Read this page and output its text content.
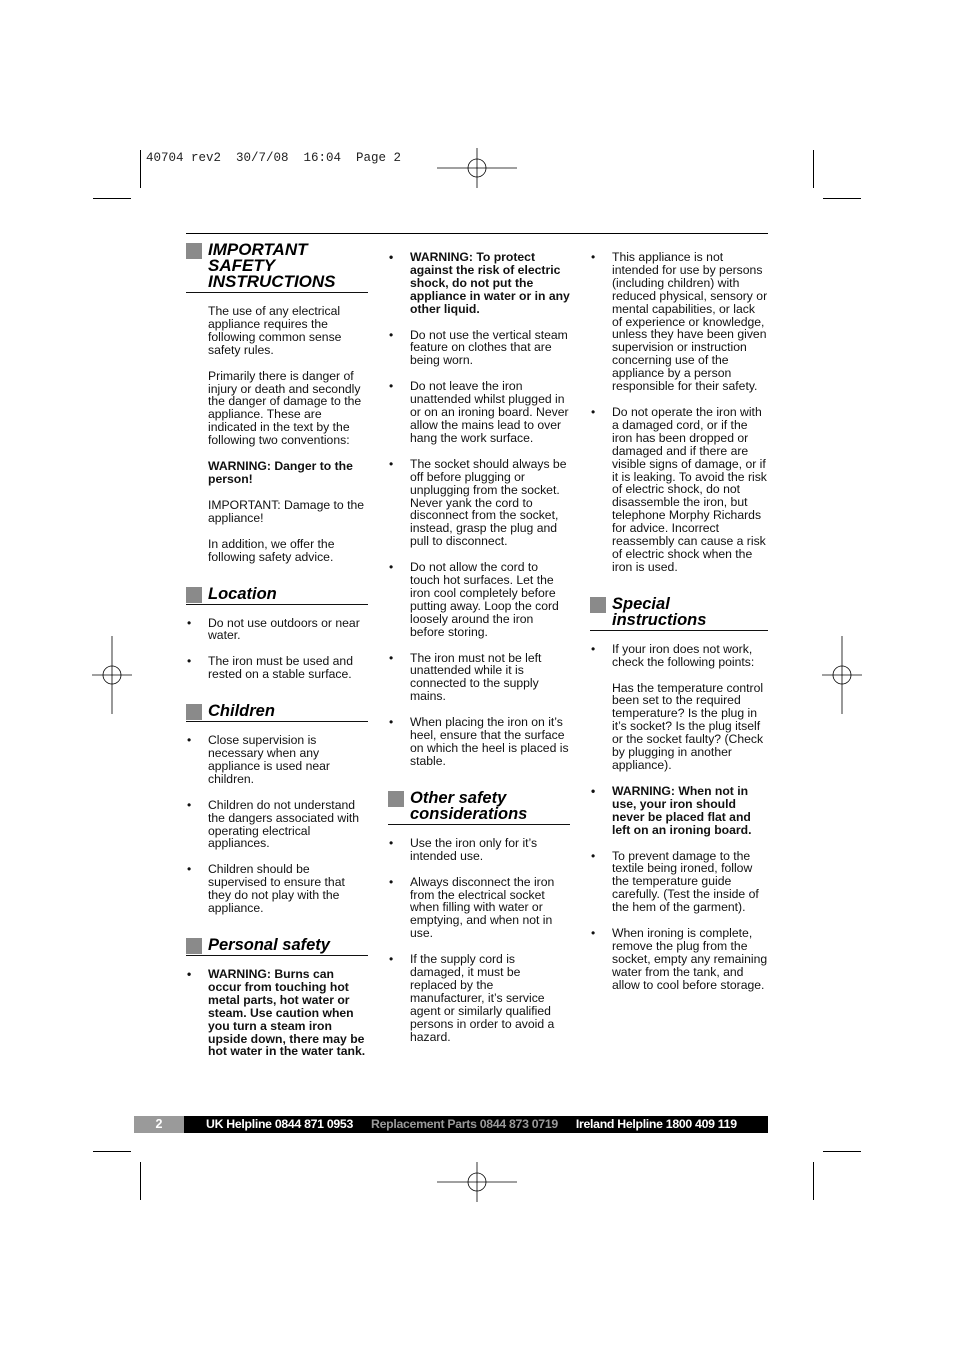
40704 rev2  30/7/08  16:04  Page 2
IMPORTANT SAFETY INSTRUCTIONS

The use of any electrical appliance requires the following common sense safety rules.

Primarily there is danger of injury or death and secondly the danger of damage to the appliance. These are indicated in the text by the following two conventions:

WARNING: Danger to the person!

IMPORTANT: Damage to the appliance!

In addition, we offer the following safety advice.

Location
• Do not use outdoors or near water.
• The iron must be used and rested on a stable surface.
Children
• Close supervision is necessary when any appliance is used near children.
• Children do not understand the dangers associated with operating electrical appliances.
• Children should be supervised to ensure that they do not play with the appliance.
Personal safety
• WARNING: Burns can occur from touching hot metal parts, hot water or steam. Use caution when you turn a steam iron upside down, there may be hot water in the water tank.
• WARNING: To protect against the risk of electric shock, do not put the appliance in water or in any other liquid.
• Do not use the vertical steam feature on clothes that are being worn.
• Do not leave the iron unattended whilst plugged in or on an ironing board. Never allow the mains lead to over hang the work surface.
• The socket should always be off before plugging or unplugging from the socket. Never yank the cord to disconnect from the socket, instead, grasp the plug and pull to disconnect.
• Do not allow the cord to touch hot surfaces. Let the iron cool completely before putting away. Loop the cord loosely around the iron before storing.
• The iron must not be left unattended while it is connected to the supply mains.
• When placing the iron on it’s heel, ensure that the surface on which the heel is placed is stable.
Other safety considerations
• Use the iron only for it’s intended use.
• Always disconnect the iron from the electrical socket when filling with water or emptying, and when not in use.
• If the supply cord is damaged, it must be replaced by the manufacturer, it’s service agent or similarly qualified persons in order to avoid a hazard.
• This appliance is not intended for use by persons (including children) with reduced physical, sensory or mental capabilities, or lack of experience or knowledge, unless they have been given supervision or instruction concerning use of the appliance by a person responsible for their safety.
• Do not operate the iron with a damaged cord, or if the iron has been dropped or damaged and if there are visible signs of damage, or if it is leaking. To avoid the risk of electric shock, do not disassemble the iron, but telephone Morphy Richards for advice. Incorrect reassembly can cause a risk of electric shock when the iron is used.
Special instructions
• If your iron does not work, check the following points:

Has the temperature control been set to the required temperature? Is the plug in it’s socket? Is the plug itself or the socket faulty? (Check by plugging in another appliance).

• WARNING: When not in use, your iron should never be placed flat and left on an ironing board.
• To prevent damage to the textile being ironed, follow the temperature guide carefully. (Test the inside of the hem of the garment).
• When ironing is complete, remove the plug from the socket, empty any remaining water from the tank, and allow to cool before storage.
2	UK Helpline 0844 871 0953 Replacement Parts 0844 873 0719 Ireland Helpline 1800 409 119
